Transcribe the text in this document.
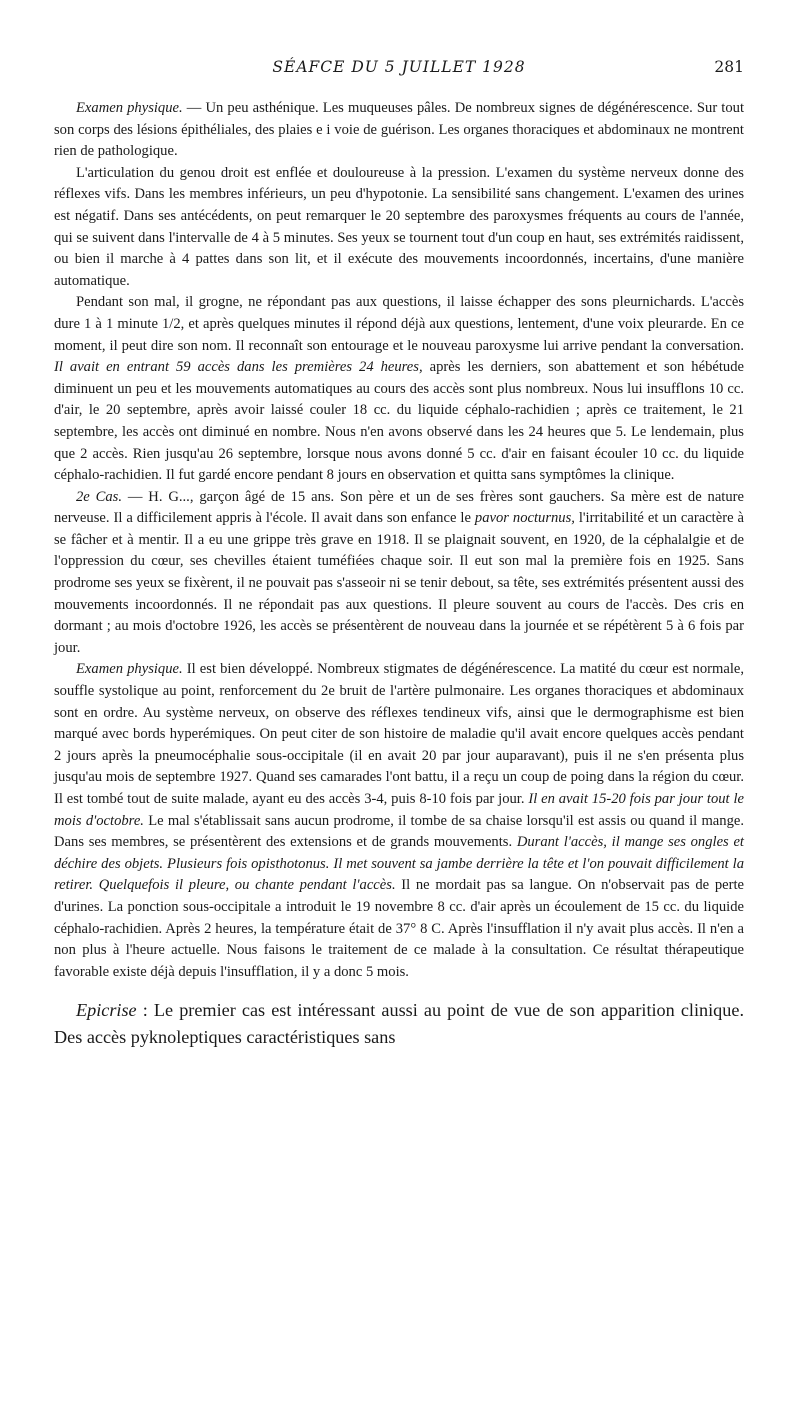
SÉAFCE DU 5 JUILLET 1928	281

Examen physique. — Un peu asthénique. Les muqueuses pâles. De nombreux signes de dégénérescence. Sur tout son corps des lésions épithéliales, des plaies e i voie de guérison. Les organes thoraciques et abdominaux ne montrent rien de pathologique.

L'articulation du genou droit est enflée et douloureuse à la pression. L'examen du système nerveux donne des réflexes vifs. Dans les membres inférieurs, un peu d'hypotonie. La sensibilité sans changement. L'examen des urines est négatif. Dans ses antécédents, on peut remarquer le 20 septembre des paroxysmes fréquents au cours de l'année, qui se suivent dans l'intervalle de 4 à 5 minutes. Ses yeux se tournent tout d'un coup en haut, ses extrémités raidissent, ou bien il marche à 4 pattes dans son lit, et il exécute des mouvements incoordonnés, incertains, d'une manière automatique.

Pendant son mal, il grogne, ne répondant pas aux questions, il laisse échapper des sons pleurnichards. L'accès dure 1 à 1 minute 1/2, et après quelques minutes il répond déjà aux questions, lentement, d'une voix pleurarde. En ce moment, il peut dire son nom. Il reconnaît son entourage et le nouveau paroxysme lui arrive pendant la conversation. Il avait en entrant 59 accès dans les premières 24 heures, après les derniers, son abattement et son hébétude diminuent un peu et les mouvements automatiques au cours des accès sont plus nombreux. Nous lui insufflons 10 cc. d'air, le 20 septembre, après avoir laissé couler 18 cc. du liquide céphalo-rachidien ; après ce traitement, le 21 septembre, les accès ont diminué en nombre. Nous n'en avons observé dans les 24 heures que 5. Le lendemain, plus que 2 accès. Rien jusqu'au 26 septembre, lorsque nous avons donné 5 cc. d'air en faisant écouler 10 cc. du liquide céphalo-rachidien. Il fut gardé encore pendant 8 jours en observation et quitta sans symptômes la clinique.

2e Cas. — H. G..., garçon âgé de 15 ans. Son père et un de ses frères sont gauchers. Sa mère est de nature nerveuse. Il a difficilement appris à l'école. Il avait dans son enfance le pavor nocturnus, l'irritabilité et un caractère à se fâcher et à mentir. Il a eu une grippe très grave en 1918. Il se plaignait souvent, en 1920, de la céphalalgie et de l'oppression du cœur, ses chevilles étaient tuméfiées chaque soir. Il eut son mal la première fois en 1925. Sans prodrome ses yeux se fixèrent, il ne pouvait pas s'asseoir ni se tenir debout, sa tête, ses extrémités présentent aussi des mouvements incoordonnés. Il ne répondait pas aux questions. Il pleure souvent au cours de l'accès. Des cris en dormant ; au mois d'octobre 1926, les accès se présentèrent de nouveau dans la journée et se répétèrent 5 à 6 fois par jour.

Examen physique. Il est bien développé. Nombreux stigmates de dégénérescence. La matité du cœur est normale, souffle systolique au point, renforcement du 2e bruit de l'artère pulmonaire. Les organes thoraciques et abdominaux sont en ordre. Au système nerveux, on observe des réflexes tendineux vifs, ainsi que le dermographisme est bien marqué avec bords hyperémiques. On peut citer de son histoire de maladie qu'il avait encore quelques accès pendant 2 jours après la pneumocéphalie sous-occipitale (il en avait 20 par jour auparavant), puis il ne s'en présenta plus jusqu'au mois de septembre 1927. Quand ses camarades l'ont battu, il a reçu un coup de poing dans la région du cœur. Il est tombé tout de suite malade, ayant eu des accès 3-4, puis 8-10 fois par jour. Il en avait 15-20 fois par jour tout le mois d'octobre. Le mal s'établissait sans aucun prodrome, il tombe de sa chaise lorsqu'il est assis ou quand il mange. Dans ses membres, se présentèrent des extensions et de grands mouvements. Durant l'accès, il mange ses ongles et déchire des objets. Plusieurs fois opisthotonus. Il met souvent sa jambe derrière la tête et l'on pouvait difficilement la retirer. Quelquefois il pleure, ou chante pendant l'accès. Il ne mordait pas sa langue. On n'observait pas de perte d'urines. La ponction sous-occipitale a introduit le 19 novembre 8 cc. d'air après un écoulement de 15 cc. du liquide céphalo-rachidien. Après 2 heures, la température était de 37° 8 C. Après l'insufflation il n'y avait plus accès. Il n'en a non plus à l'heure actuelle. Nous faisons le traitement de ce malade à la consultation. Ce résultat thérapeutique favorable existe déjà depuis l'insufflation, il y a donc 5 mois.

Epicrise : Le premier cas est intéressant aussi au point de vue de son apparition clinique. Des accès pyknoleptiques caractéristiques sans
